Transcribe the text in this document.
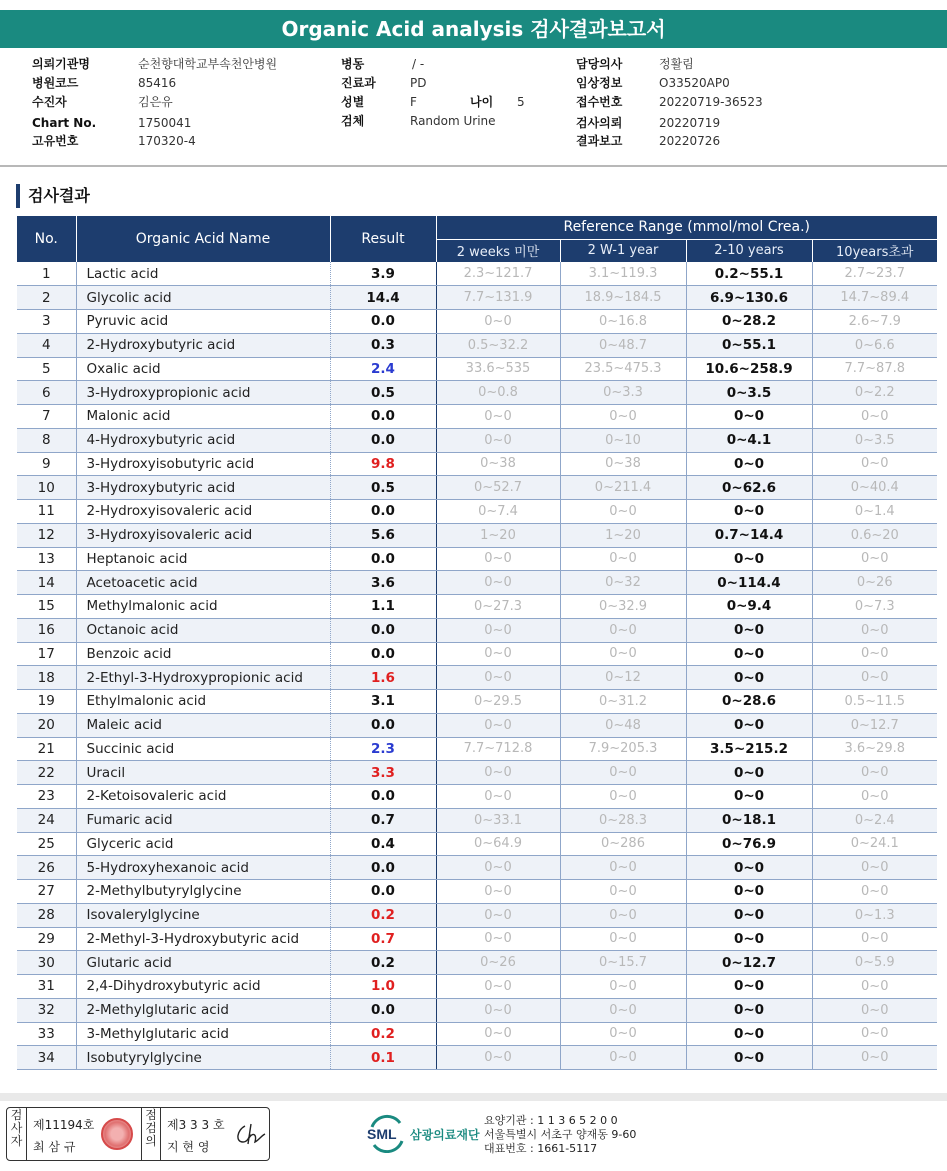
Organic Acid analysis 검사결과보고서
의뢰기관명	순천향대학교부속천안병원
병원코드	85416
수진자	김은유
Chart No.	1750041
고유번호	170320-4
병동	/ -
진료과	PD
성별	F	나이 5
검체	Random Urine
담당의사	정활림
임상정보	O33520AP0
접수번호	20220719-36523
검사의뢰	20220719
결과보고	20220726
검사결과
No.	Organic Acid Name	Result	Reference Range (mmol/mol Crea.)			
			2 weeks 미만	2 W-1 year	2-10 years	10years초과
1	Lactic acid	3.9	2.3~121.7	3.1~119.3	0.2~55.1	2.7~23.7
2	Glycolic acid	14.4	7.7~131.9	18.9~184.5	6.9~130.6	14.7~89.4
3	Pyruvic acid	0.0	0~0	0~16.8	0~28.2	2.6~7.9
4	2-Hydroxybutyric acid	0.3	0.5~32.2	0~48.7	0~55.1	0~6.6
5	Oxalic acid	2.4	33.6~535	23.5~475.3	10.6~258.9	7.7~87.8
6	3-Hydroxypropionic acid	0.5	0~0.8	0~3.3	0~3.5	0~2.2
7	Malonic acid	0.0	0~0	0~0	0~0	0~0
8	4-Hydroxybutyric acid	0.0	0~0	0~10	0~4.1	0~3.5
9	3-Hydroxyisobutyric acid	9.8	0~38	0~38	0~0	0~0
10	3-Hydroxybutyric acid	0.5	0~52.7	0~211.4	0~62.6	0~40.4
11	2-Hydroxyisovaleric acid	0.0	0~7.4	0~0	0~0	0~1.4
12	3-Hydroxyisovaleric acid	5.6	1~20	1~20	0.7~14.4	0.6~20
13	Heptanoic acid	0.0	0~0	0~0	0~0	0~0
14	Acetoacetic acid	3.6	0~0	0~32	0~114.4	0~26
15	Methylmalonic acid	1.1	0~27.3	0~32.9	0~9.4	0~7.3
16	Octanoic acid	0.0	0~0	0~0	0~0	0~0
17	Benzoic acid	0.0	0~0	0~0	0~0	0~0
18	2-Ethyl-3-Hydroxypropionic acid	1.6	0~0	0~12	0~0	0~0
19	Ethylmalonic acid	3.1	0~29.5	0~31.2	0~28.6	0.5~11.5
20	Maleic acid	0.0	0~0	0~48	0~0	0~12.7
21	Succinic acid	2.3	7.7~712.8	7.9~205.3	3.5~215.2	3.6~29.8
22	Uracil	3.3	0~0	0~0	0~0	0~0
23	2-Ketoisovaleric acid	0.0	0~0	0~0	0~0	0~0
24	Fumaric acid	0.7	0~33.1	0~28.3	0~18.1	0~2.4
25	Glyceric acid	0.4	0~64.9	0~286	0~76.9	0~24.1
26	5-Hydroxyhexanoic acid	0.0	0~0	0~0	0~0	0~0
27	2-Methylbutyrylglycine	0.0	0~0	0~0	0~0	0~0
28	Isovalerylglycine	0.2	0~0	0~0	0~0	0~1.3
29	2-Methyl-3-Hydroxybutyric acid	0.7	0~0	0~0	0~0	0~0
30	Glutaric acid	0.2	0~26	0~15.7	0~12.7	0~5.9
31	2,4-Dihydroxybutyric acid	1.0	0~0	0~0	0~0	0~0
32	2-Methylglutaric acid	0.0	0~0	0~0	0~0	0~0
33	3-Methylglutaric acid	0.2	0~0	0~0	0~0	0~0
34	Isobutyrylglycine	0.1	0~0	0~0	0~0	0~0
검사자
제11194호
최 삼 규
점검의
제3 3 3 호
지 현 영
SML 삼광의료재단
요양기관 : 1 1 3 6 5 2 0 0
서울특별시 서초구 양재동 9-60
대표번호 : 1661-5117
